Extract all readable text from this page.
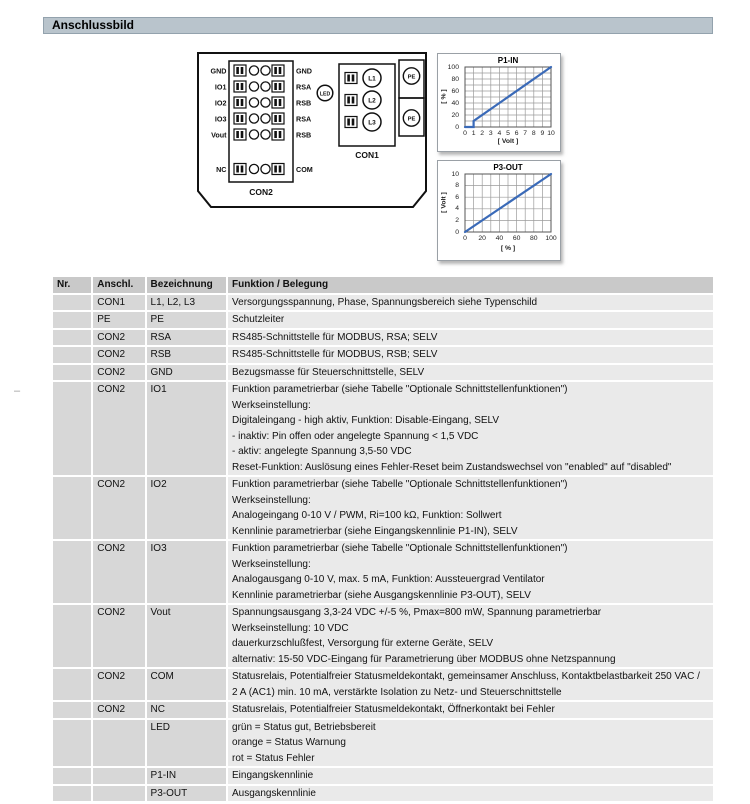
Anschlussbild
–
GND	GND
IO1	RSA
IO2	RSB
IO3	RSA
Vout	RSB
NC	COM
CON2
LED
L1
L2
L3
CON1
PE
PE
P1-IN
[ % ]
[ Volt ]
0 1 2 3 4 5 6 7 8 9 10
0
20
40
60
80
100
P3-OUT
[ Volt ]
[ % ]
0	20	40	60	80	100
0
2
4
6
8
10
Nr.	Anschl.	Bezeichnung	Funktion / Belegung
	CON1	L1, L2, L3	Versorgungsspannung, Phase, Spannungsbereich siehe Typenschild

	PE	PE	Schutzleiter

	CON2	RSA	RS485-Schnittstelle für MODBUS, RSA; SELV

	CON2	RSB	RS485-Schnittstelle für MODBUS, RSB; SELV

	CON2	GND	Bezugsmasse für Steuerschnittstelle, SELV

	CON2	IO1	Funktion parametrierbar (siehe Tabelle "Optionale Schnittstellenfunktionen")
Werkseinstellung:
Digitaleingang - high aktiv, Funktion: Disable-Eingang, SELV
- inaktiv: Pin offen oder angelegte Spannung < 1,5 VDC
- aktiv: angelegte Spannung 3,5-50 VDC
Reset-Funktion: Auslösung eines Fehler-Reset beim Zustandswechsel von "enabled" auf "disabled"

	CON2	IO2	Funktion parametrierbar (siehe Tabelle "Optionale Schnittstellenfunktionen")
Werkseinstellung:
Analogeingang 0-10 V / PWM, Ri=100 kΩ, Funktion: Sollwert
Kennlinie parametrierbar (siehe Eingangskennlinie P1-IN), SELV

	CON2	IO3	Funktion parametrierbar (siehe Tabelle "Optionale Schnittstellenfunktionen")
Werkseinstellung:
Analogausgang 0-10 V, max. 5 mA, Funktion: Aussteuergrad Ventilator
Kennlinie parametrierbar (siehe Ausgangskennlinie P3-OUT), SELV

	CON2	Vout	Spannungsausgang 3,3-24 VDC +/-5 %, Pmax=800 mW, Spannung parametrierbar
Werkseinstellung: 10 VDC
dauerkurzschlußfest, Versorgung für externe Geräte, SELV
alternativ: 15-50 VDC-Eingang für Parametrierung über MODBUS ohne Netzspannung

	CON2	COM	Statusrelais, Potentialfreier Statusmeldekontakt, gemeinsamer Anschluss, Kontaktbelastbarkeit 250 VAC /
2 A (AC1) min. 10 mA, verstärkte Isolation zu Netz- und Steuerschnittstelle

	CON2	NC	Statusrelais, Potentialfreier Statusmeldekontakt, Öffnerkontakt bei Fehler

		LED	grün = Status gut, Betriebsbereit
orange = Status Warnung
rot = Status Fehler

		P1-IN	Eingangskennlinie

		P3-OUT	Ausgangskennlinie
